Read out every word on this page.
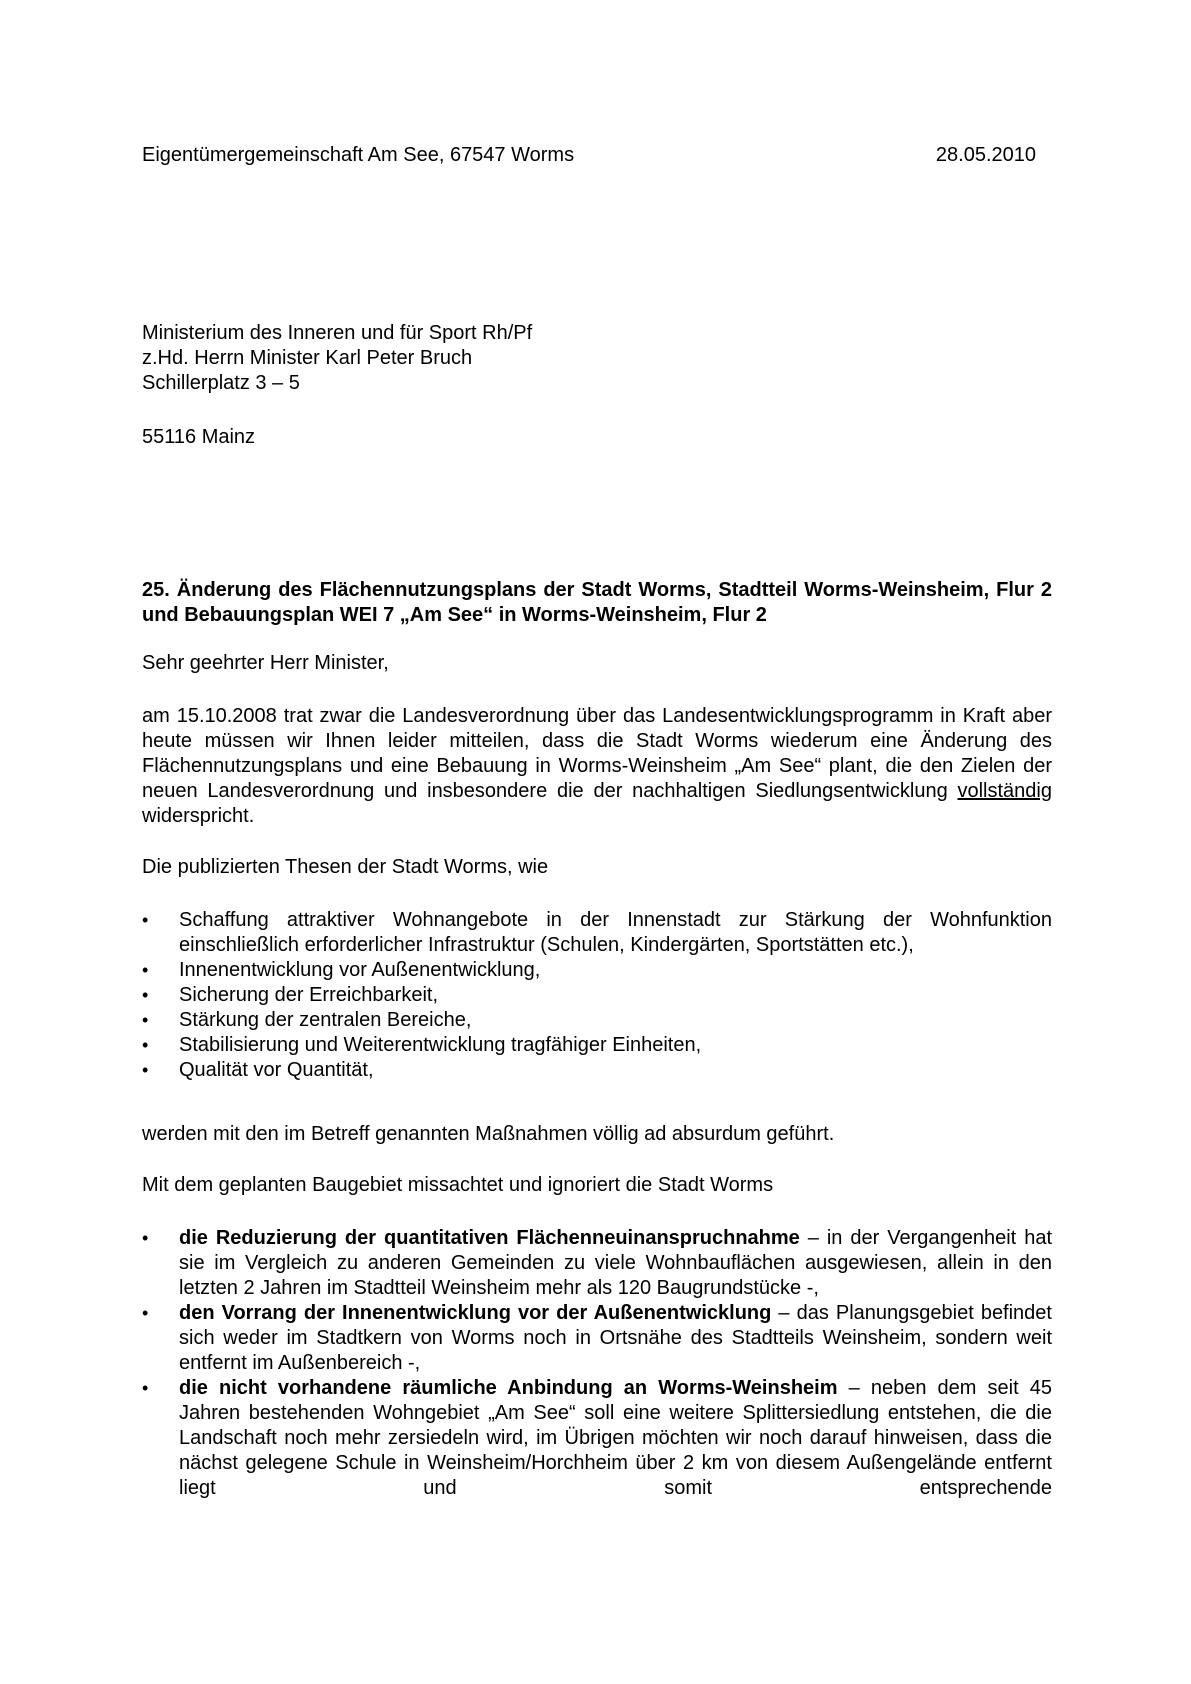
Eigentümergemeinschaft Am See, 67547 Worms	28.05.2010
Ministerium des Inneren und für Sport Rh/Pf
z.Hd. Herrn Minister Karl Peter Bruch
Schillerplatz 3 – 5
55116 Mainz
25. Änderung des Flächennutzungsplans der Stadt Worms, Stadtteil Worms-Weinsheim, Flur 2 und Bebauungsplan WEI 7 „Am See“ in Worms-Weinsheim, Flur 2
Sehr geehrter Herr Minister,
am 15.10.2008 trat zwar die Landesverordnung über das Landesentwicklungsprogramm in Kraft aber heute müssen wir Ihnen leider mitteilen, dass die Stadt Worms wiederum eine Änderung des Flächennutzungsplans und eine Bebauung in Worms-Weinsheim „Am See“ plant, die den Zielen der neuen Landesverordnung und insbesondere die der nachhaltigen Siedlungsentwicklung vollständig widerspricht.
Die publizierten Thesen der Stadt Worms, wie
•	Schaffung attraktiver Wohnangebote in der Innenstadt zur Stärkung der Wohnfunktion einschließlich erforderlicher Infrastruktur (Schulen, Kindergärten, Sportstätten etc.),
•	Innenentwicklung vor Außenentwicklung,
•	Sicherung der Erreichbarkeit,
•	Stärkung der zentralen Bereiche,
•	Stabilisierung und Weiterentwicklung tragfähiger Einheiten,
•	Qualität vor Quantität,
werden mit den im Betreff genannten Maßnahmen völlig ad absurdum geführt.
Mit dem geplanten Baugebiet missachtet und ignoriert die Stadt Worms
•	die Reduzierung der quantitativen Flächenneuinanspruchnahme – in der Vergangenheit hat sie im Vergleich zu anderen Gemeinden zu viele Wohnbauflächen ausgewiesen, allein in den letzten 2 Jahren im Stadtteil Weinsheim mehr als 120 Baugrundstücke -,
•	den Vorrang der Innenentwicklung vor der Außenentwicklung – das Planungsgebiet befindet sich weder im Stadtkern von Worms noch in Ortsnähe des Stadtteils Weinsheim, sondern weit entfernt im Außenbereich -,
•	die nicht vorhandene räumliche Anbindung an Worms-Weinsheim – neben dem seit 45 Jahren bestehenden Wohngebiet „Am See“ soll eine weitere Splittersiedlung entstehen, die die Landschaft noch mehr zersiedeln wird, im Übrigen möchten wir noch darauf hinweisen, dass die nächst gelegene Schule in Weinsheim/Horchheim über 2 km von diesem Außengelände entfernt liegt und somit entsprechende
